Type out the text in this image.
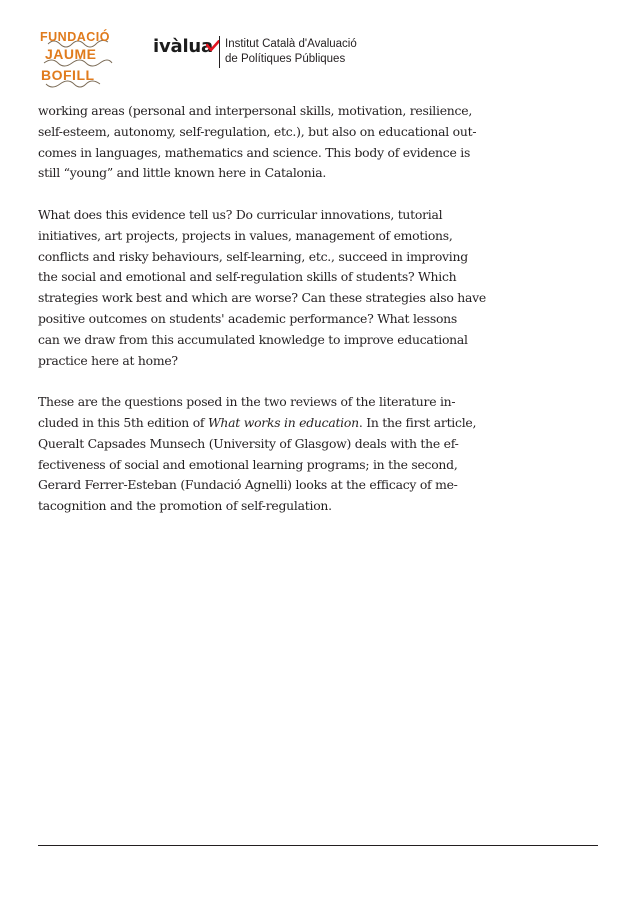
FUNDACIÓ
JAUME
BOFILL
ivàlua Institut Català d'Avaluació
de Polítiques Públiques

working areas (personal and interpersonal skills, motivation, resilience,
self-esteem, autonomy, self-regulation, etc.), but also on educational out-
comes in languages, mathematics and science. This body of evidence is
still “young” and little known here in Catalonia.

What does this evidence tell us? Do curricular innovations, tutorial
initiatives, art projects, projects in values, management of emotions,
conflicts and risky behaviours, self-learning, etc., succeed in improving
the social and emotional and self-regulation skills of students? Which
strategies work best and which are worse? Can these strategies also have
positive outcomes on students' academic performance? What lessons
can we draw from this accumulated knowledge to improve educational
practice here at home?

These are the questions posed in the two reviews of the literature in-
cluded in this 5th edition of What works in education. In the first article,
Queralt Capsades Munsech (University of Glasgow) deals with the ef-
fectiveness of social and emotional learning programs; in the second,
Gerard Ferrer-Esteban (Fundació Agnelli) looks at the efficacy of me-
tacognition and the promotion of self-regulation.
